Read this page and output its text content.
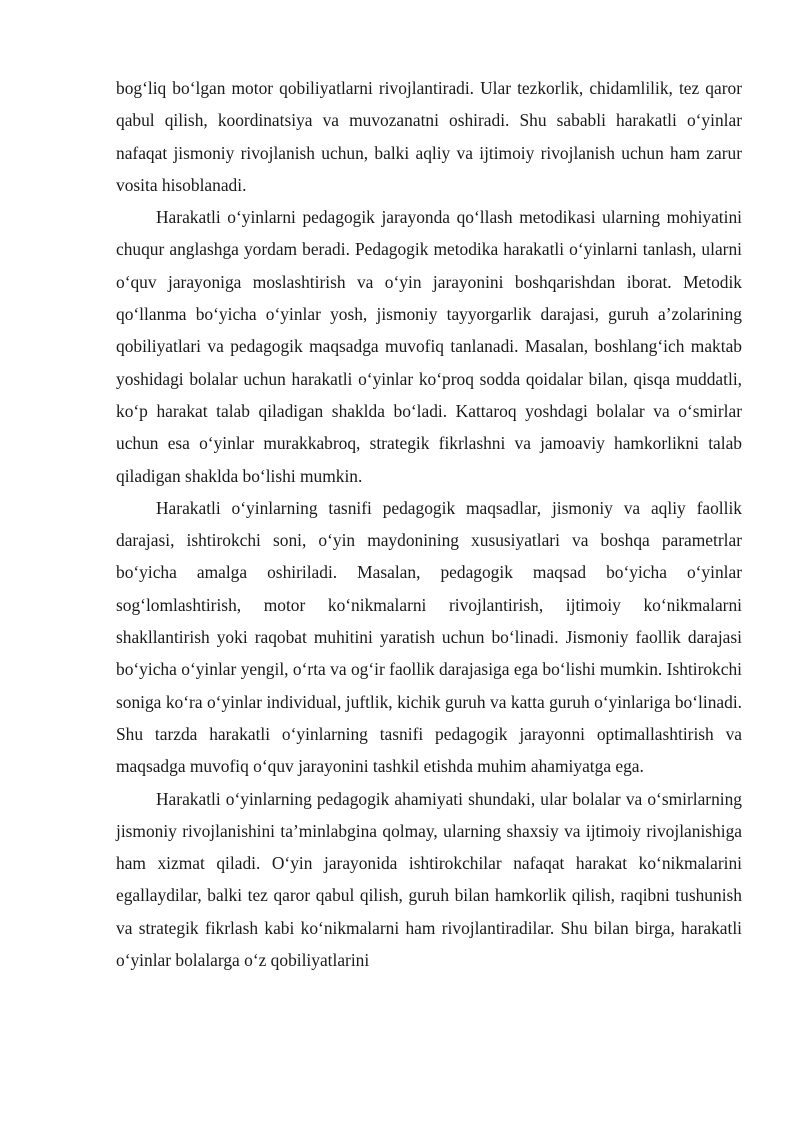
bog‘liq bo‘lgan motor qobiliyatlarni rivojlantiradi. Ular tezkorlik, chidamlilik, tez qaror qabul qilish, koordinatsiya va muvozanatni oshiradi. Shu sababli harakatli o‘yinlar nafaqat jismoniy rivojlanish uchun, balki aqliy va ijtimoiy rivojlanish uchun ham zarur vosita hisoblanadi.

Harakatli o‘yinlarni pedagogik jarayonda qo‘llash metodikasi ularning mohiyatini chuqur anglashga yordam beradi. Pedagogik metodika harakatli o‘yinlarni tanlash, ularni o‘quv jarayoniga moslashtirish va o‘yin jarayonini boshqarishdan iborat. Metodik qo‘llanma bo‘yicha o‘yinlar yosh, jismoniy tayyorgarlik darajasi, guruh a’zolarining qobiliyatlari va pedagogik maqsadga muvofiq tanlanadi. Masalan, boshlang‘ich maktab yoshidagi bolalar uchun harakatli o‘yinlar ko‘proq sodda qoidalar bilan, qisqa muddatli, ko‘p harakat talab qiladigan shaklda bo‘ladi. Kattaroq yoshdagi bolalar va o‘smirlar uchun esa o‘yinlar murakkabroq, strategik fikrlashni va jamoaviy hamkorlikni talab qiladigan shaklda bo‘lishi mumkin.

Harakatli o‘yinlarning tasnifi pedagogik maqsadlar, jismoniy va aqliy faollik darajasi, ishtirokchi soni, o‘yin maydonining xususiyatlari va boshqa parametrlar bo‘yicha amalga oshiriladi. Masalan, pedagogik maqsad bo‘yicha o‘yinlar sog‘lomlashtirish, motor ko‘nikmalarni rivojlantirish, ijtimoiy ko‘nikmalarni shakllantirish yoki raqobat muhitini yaratish uchun bo‘linadi. Jismoniy faollik darajasi bo‘yicha o‘yinlar yengil, o‘rta va og‘ir faollik darajasiga ega bo‘lishi mumkin. Ishtirokchi soniga ko‘ra o‘yinlar individual, juftlik, kichik guruh va katta guruh o‘yinlariga bo‘linadi. Shu tarzda harakatli o‘yinlarning tasnifi pedagogik jarayonni optimallashtirish va maqsadga muvofiq o‘quv jarayonini tashkil etishda muhim ahamiyatga ega.

Harakatli o‘yinlarning pedagogik ahamiyati shundaki, ular bolalar va o‘smirlarning jismoniy rivojlanishini ta’minlabgina qolmay, ularning shaxsiy va ijtimoiy rivojlanishiga ham xizmat qiladi. O‘yin jarayonida ishtirokchilar nafaqat harakat ko‘nikmalarini egallaydilar, balki tez qaror qabul qilish, guruh bilan hamkorlik qilish, raqibni tushunish va strategik fikrlash kabi ko‘nikmalarni ham rivojlantiradilar. Shu bilan birga, harakatli o‘yinlar bolalarga o‘z qobiliyatlarini
